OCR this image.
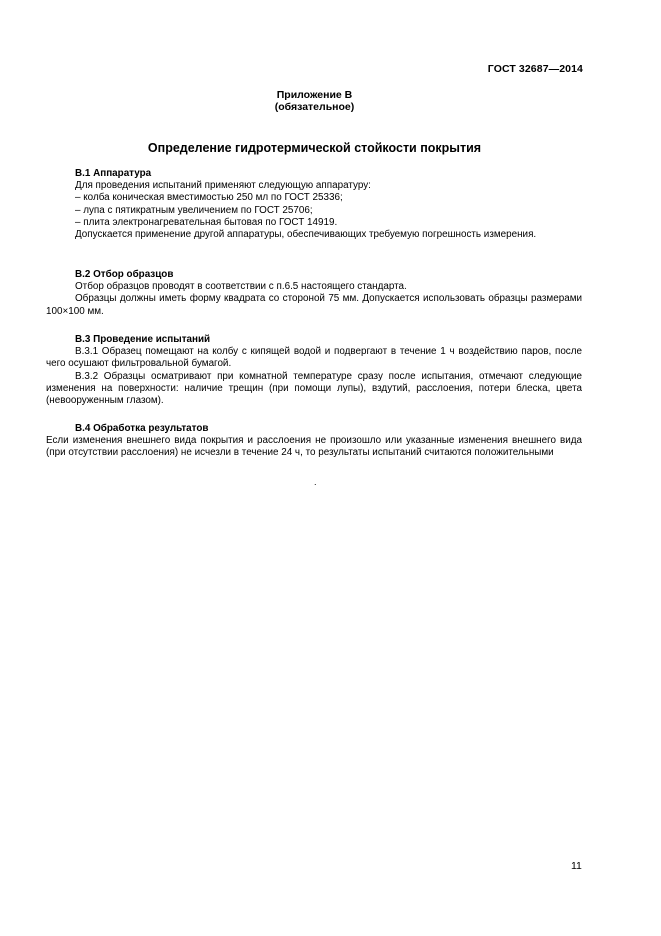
ГОСТ 32687—2014
Приложение В
(обязательное)
Определение гидротермической стойкости покрытия
В.1 Аппаратура
Для проведения испытаний применяют следующую аппаратуру:
– колба коническая вместимостью 250 мл по ГОСТ 25336;
– лупа с пятикратным увеличением по ГОСТ 25706;
– плита электронагревательная бытовая по ГОСТ 14919.
Допускается применение другой аппаратуры, обеспечивающих требуемую погрешность измерения.
В.2 Отбор образцов
Отбор образцов проводят в соответствии с п.6.5 настоящего стандарта.
Образцы должны иметь форму квадрата со стороной 75 мм. Допускается использовать образцы размерами 100×100 мм.
В.3 Проведение испытаний
В.3.1 Образец помещают на колбу с кипящей водой и подвергают в течение 1 ч воздействию паров, после чего осушают фильтровальной бумагой.
В.3.2 Образцы осматривают при комнатной температуре сразу после испытания, отмечают следующие изменения на поверхности: наличие трещин (при помощи лупы), вздутий, расслоения, потери блеска, цвета (невооруженным глазом).
В.4 Обработка результатов
Если изменения внешнего вида покрытия и расслоения не произошло или указанные изменения внешнего вида (при отсутствии расслоения) не исчезли в течение 24 ч, то результаты испытаний считаются положительными
.
11
